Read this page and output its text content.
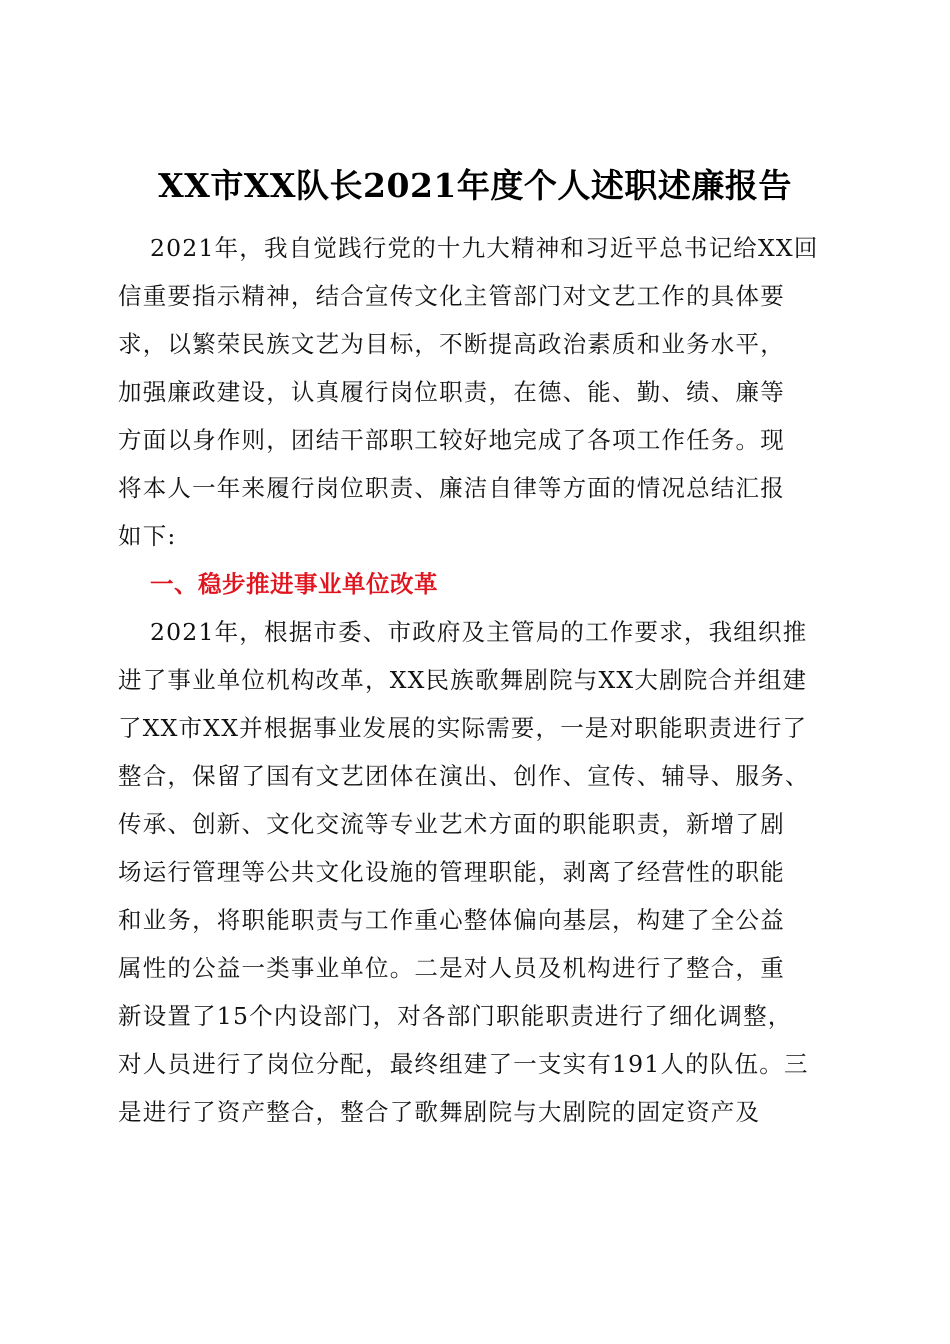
XX市XX队长2021年度个人述职述廉报告
2021年，我自觉践行党的十九大精神和习近平总书记给XX回
信重要指示精神，结合宣传文化主管部门对文艺工作的具体要
求，以繁荣民族文艺为目标，不断提高政治素质和业务水平，
加强廉政建设，认真履行岗位职责，在德、能、勤、绩、廉等
方面以身作则，团结干部职工较好地完成了各项工作任务。现
将本人一年来履行岗位职责、廉洁自律等方面的情况总结汇报
如下:
一、稳步推进事业单位改革
2021年，根据市委、市政府及主管局的工作要求，我组织推
进了事业单位机构改革，XX民族歌舞剧院与XX大剧院合并组建
了XX市XX并根据事业发展的实际需要，一是对职能职责进行了
整合，保留了国有文艺团体在演出、创作、宣传、辅导、服务、
传承、创新、文化交流等专业艺术方面的职能职责，新增了剧
场运行管理等公共文化设施的管理职能，剥离了经营性的职能
和业务，将职能职责与工作重心整体偏向基层，构建了全公益
属性的公益一类事业单位。二是对人员及机构进行了整合，重
新设置了15个内设部门，对各部门职能职责进行了细化调整，
对人员进行了岗位分配，最终组建了一支实有191人的队伍。三
是进行了资产整合，整合了歌舞剧院与大剧院的固定资产及
